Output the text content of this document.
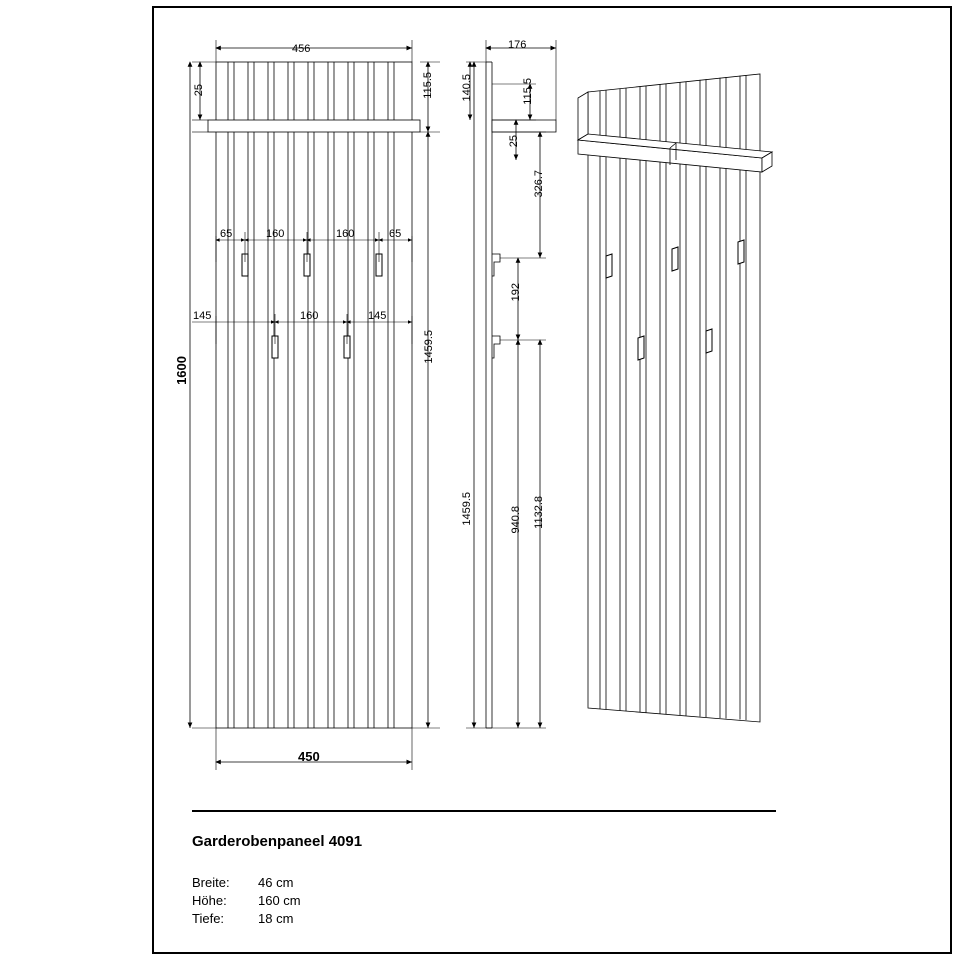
456
450
1600
115.5
25
1459.5
65	160	160	65
145	160	145
176
140.5	115.5
25
326.7
192
1459.5	940.8 1132.8
Garderobenpaneel 4091
Breite: 46 cm
Höhe: 160 cm
Tiefe:	18 cm
